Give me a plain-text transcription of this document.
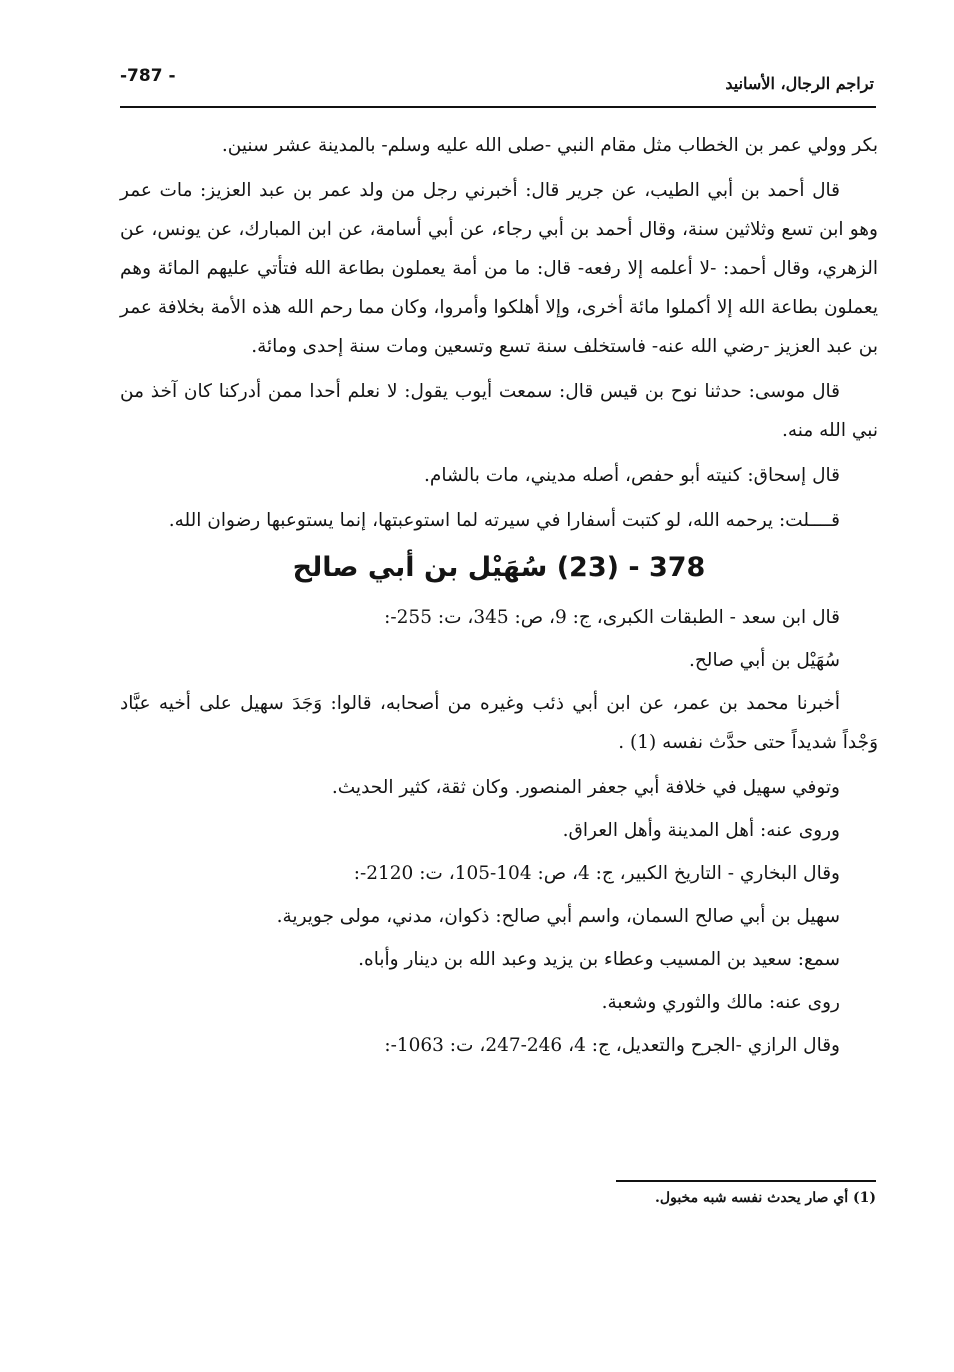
تراجم الرجال، الأسانيد
-787 -

بكر وولي عمر بن الخطاب مثل مقام النبي -صلى الله عليه وسلم- بالمدينة عشر سنين.

قال أحمد بن أبي الطيب، عن جرير قال: أخبرني رجل من ولد عمر بن عبد العزيز: مات عمر وهو ابن تسع وثلاثين سنة، وقال أحمد بن أبي رجاء، عن أبي أسامة، عن ابن المبارك، عن يونس، عن الزهري، وقال أحمد: -لا أعلمه إلا رفعه- قال: ما من أمة يعملون بطاعة الله فتأتي عليهم المائة وهم يعملون بطاعة الله إلا أكملوا مائة أخرى، وإلا أهلكوا وأمروا، وكان مما رحم الله هذه الأمة بخلافة عمر بن عبد العزيز -رضي الله عنه- فاستخلف سنة تسع وتسعين ومات سنة إحدى ومائة.

قال موسى: حدثنا نوح بن قيس قال: سمعت أيوب يقول: لا نعلم أحدا ممن أدركنا كان آخذ من نبي الله منه.

قال إسحاق: كنيته أبو حفص، أصله مديني، مات بالشام.

قــــلت: يرحمه الله، لو كتبت أسفارا في سيرته لما استوعبتها، إنما يستوعبها رضوان الله.

378 - (23) سُهَيْل بن أبي صالح

قال ابن سعد - الطبقات الكبرى، ج: 9، ص: 345، ت: 255-:

سُهَيْل بن أبي صالح.

أخبرنا محمد بن عمر، عن ابن أبي ذئب وغيره من أصحابه، قالوا: وَجَدَ سهيل على أخيه عبَّاد وَجْداً شديداً حتى حدَّث نفسه (1) .

وتوفي سهيل في خلافة أبي جعفر المنصور. وكان ثقة، كثير الحديث.

وروى عنه: أهل المدينة وأهل العراق.

وقال البخاري - التاريخ الكبير، ج: 4، ص: 104-105، ت: 2120-:

سهيل بن أبي صالح السمان، واسم أبي صالح: ذكوان، مدني، مولى جويرية.

سمع: سعيد بن المسيب وعطاء بن يزيد وعبد الله بن دينار وأباه.

روى عنه: مالك والثوري وشعبة.

وقال الرازي -الجرح والتعديل، ج: 4، 246-247، ت: 1063-:

(1) أي صار يحدث نفسه شبه مخبول.
